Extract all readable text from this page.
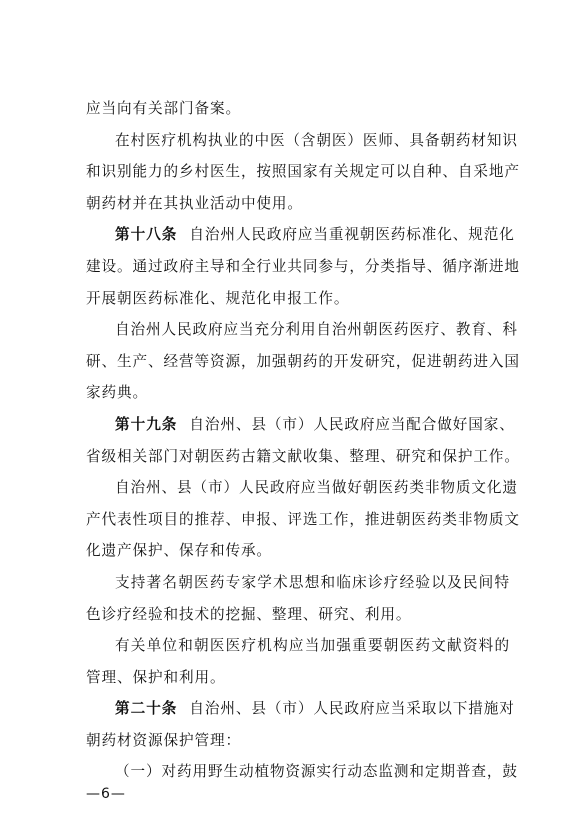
应当向有关部门备案。
在村医疗机构执业的中医（含朝医）医师、具备朝药材知识
和识别能力的乡村医生，按照国家有关规定可以自种、自采地产
朝药材并在其执业活动中使用。
第十八条 自治州人民政府应当重视朝医药标准化、规范化
建设。通过政府主导和全行业共同参与，分类指导、循序渐进地
开展朝医药标准化、规范化申报工作。
自治州人民政府应当充分利用自治州朝医药医疗、教育、科
研、生产、经营等资源，加强朝药的开发研究，促进朝药进入国
家药典。
第十九条 自治州、县（市）人民政府应当配合做好国家、
省级相关部门对朝医药古籍文献收集、整理、研究和保护工作。
自治州、县（市）人民政府应当做好朝医药类非物质文化遗
产代表性项目的推荐、申报、评选工作，推进朝医药类非物质文
化遗产保护、保存和传承。
支持著名朝医药专家学术思想和临床诊疗经验以及民间特
色诊疗经验和技术的挖掘、整理、研究、利用。
有关单位和朝医医疗机构应当加强重要朝医药文献资料的
管理、保护和利用。
第二十条 自治州、县（市）人民政府应当采取以下措施对
朝药材资源保护管理：
（一）对药用野生动植物资源实行动态监测和定期普查，鼓
—6—
